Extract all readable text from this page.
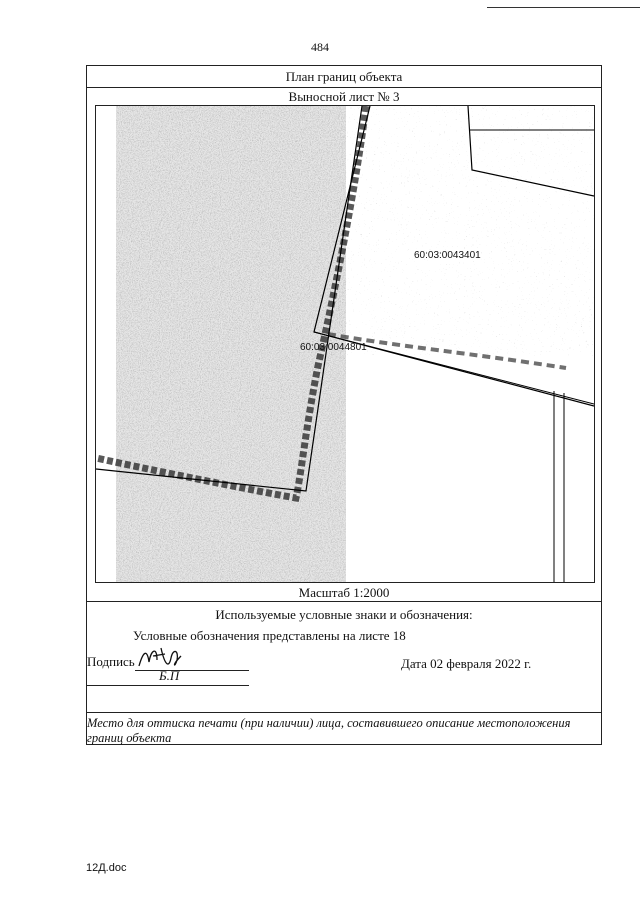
484
План границ объекта
Выносной лист № 3
60:03:0043401
60:03:0044801
Масштаб 1:2000
Используемые условные знаки и обозначения:
Условные обозначения представлены на листе 18
Подпись
Б.П
Дата 02 февраля 2022 г.
Место для оттиска печати (при наличии) лица, составившего описание местоположения границ объекта
12Д.doc
